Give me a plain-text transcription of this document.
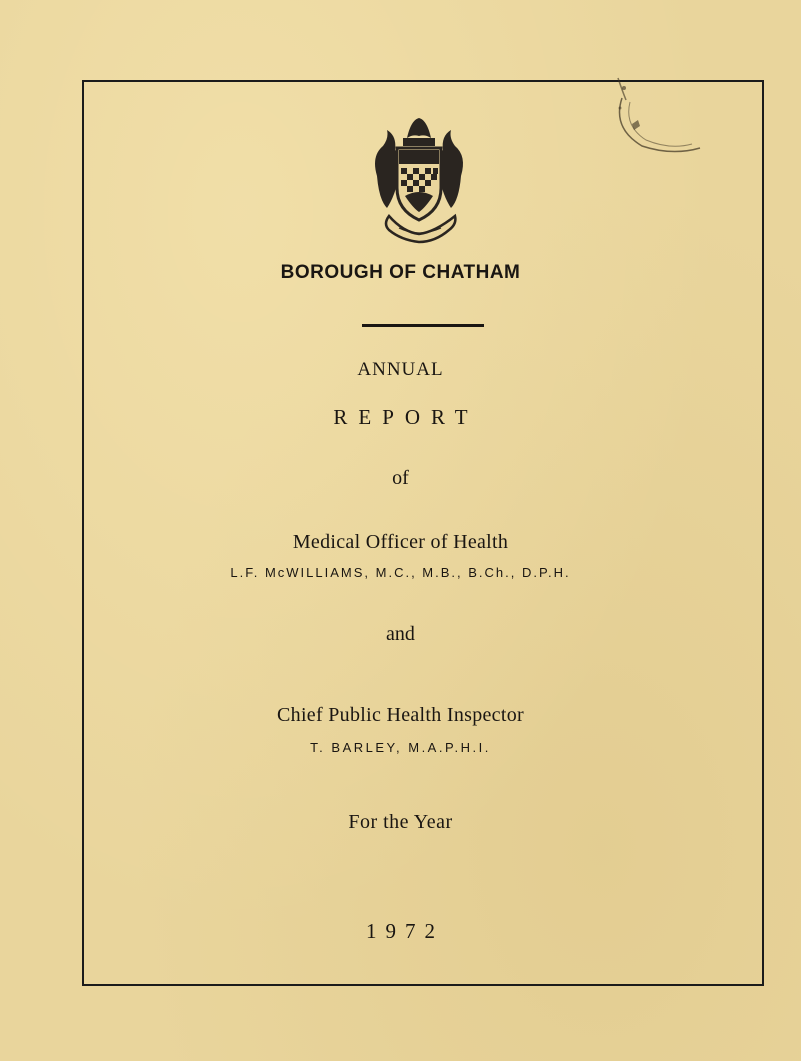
BOROUGH OF CHATHAM

ANNUAL

REPORT

of

Medical Officer of Health

L.F. McWILLIAMS, M.C., M.B., B.Ch., D.P.H.

and

Chief Public Health Inspector

T. BARLEY, M.A.P.H.I.

For the Year

1972
